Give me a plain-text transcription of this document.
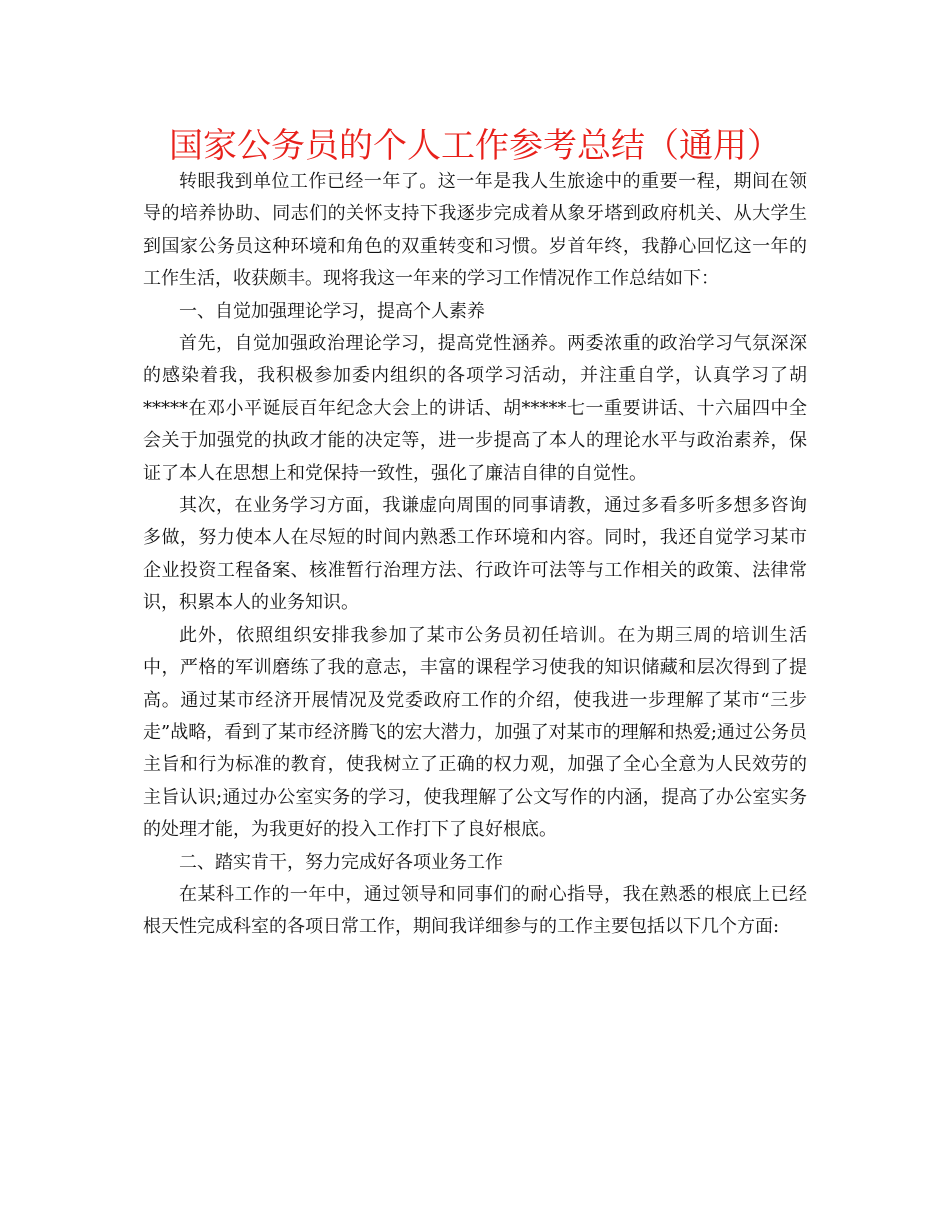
国家公务员的个人工作参考总结（通用）

转眼我到单位工作已经一年了。这一年是我人生旅途中的重要一程，期间在领导的培养协助、同志们的关怀支持下我逐步完成着从象牙塔到政府机关、从大学生到国家公务员这种环境和角色的双重转变和习惯。岁首年终，我静心回忆这一年的工作生活，收获颇丰。现将我这一年来的学习工作情况作工作总结如下：

一、自觉加强理论学习，提高个人素养

首先，自觉加强政治理论学习，提高党性涵养。两委浓重的政治学习气氛深深的感染着我，我积极参加委内组织的各项学习活动，并注重自学，认真学习了胡*****在邓小平诞辰百年纪念大会上的讲话、胡*****七一重要讲话、十六届四中全会关于加强党的执政才能的决定等，进一步提高了本人的理论水平与政治素养，保证了本人在思想上和党保持一致性，强化了廉洁自律的自觉性。

其次，在业务学习方面，我谦虚向周围的同事请教，通过多看多听多想多咨询多做，努力使本人在尽短的时间内熟悉工作环境和内容。同时，我还自觉学习某市企业投资工程备案、核准暂行治理方法、行政许可法等与工作相关的政策、法律常识，积累本人的业务知识。

此外，依照组织安排我参加了某市公务员初任培训。在为期三周的培训生活中，严格的军训磨练了我的意志，丰富的课程学习使我的知识储藏和层次得到了提高。通过某市经济开展情况及党委政府工作的介绍，使我进一步理解了某市“三步走”战略，看到了某市经济腾飞的宏大潜力，加强了对某市的理解和热爱;通过公务员主旨和行为标准的教育，使我树立了正确的权力观，加强了全心全意为人民效劳的主旨认识;通过办公室实务的学习，使我理解了公文写作的内涵，提高了办公室实务的处理才能，为我更好的投入工作打下了良好根底。

二、踏实肯干，努力完成好各项业务工作

在某科工作的一年中，通过领导和同事们的耐心指导，我在熟悉的根底上已经根天性完成科室的各项日常工作，期间我详细参与的工作主要包括以下几个方面:
